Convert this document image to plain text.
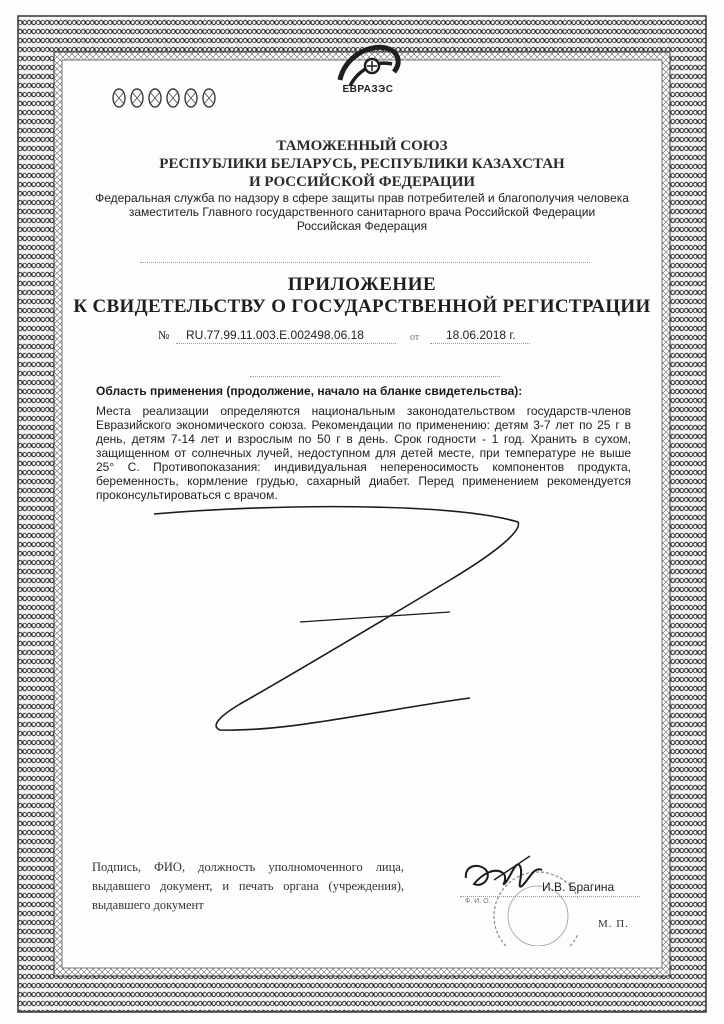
ЕВРАЗЭС
ТАМОЖЕННЫЙ СОЮЗ
РЕСПУБЛИКИ БЕЛАРУСЬ, РЕСПУБЛИКИ КАЗАХСТАН
И РОССИЙСКОЙ ФЕДЕРАЦИИ
Федеральная служба по надзору в сфере защиты прав потребителей и благополучия человека
заместитель Главного государственного санитарного врача Российской Федерации
Российская Федерация
ПРИЛОЖЕНИЕ
К СВИДЕТЕЛЬСТВУ О ГОСУДАРСТВЕННОЙ РЕГИСТРАЦИИ
№ RU.77.99.11.003.Е.002498.06.18	от 18.06.2018 г.
Область применения (продолжение, начало на бланке свидетельства):
Места реализации определяются национальным законодательством государств-членов Евразийского экономического союза. Рекомендации по применению: детям 3-7 лет по 25 г в день, детям 7-14 лет и взрослым по 50 г в день. Срок годности - 1 год. Хранить в сухом, защищенном от солнечных лучей, недоступном для детей месте, при температуре не выше 25° С. Противопоказания: индивидуальная непереносимость компонентов продукта, беременность, кормление грудью, сахарный диабет. Перед применением рекомендуется проконсультироваться с врачом.
Подпись, ФИО, должность уполномоченного лица, выдавшего документ, и печать органа (учреждения), выдавшего документ
И.В. Брагина
Ф. И. О.
М. П.
